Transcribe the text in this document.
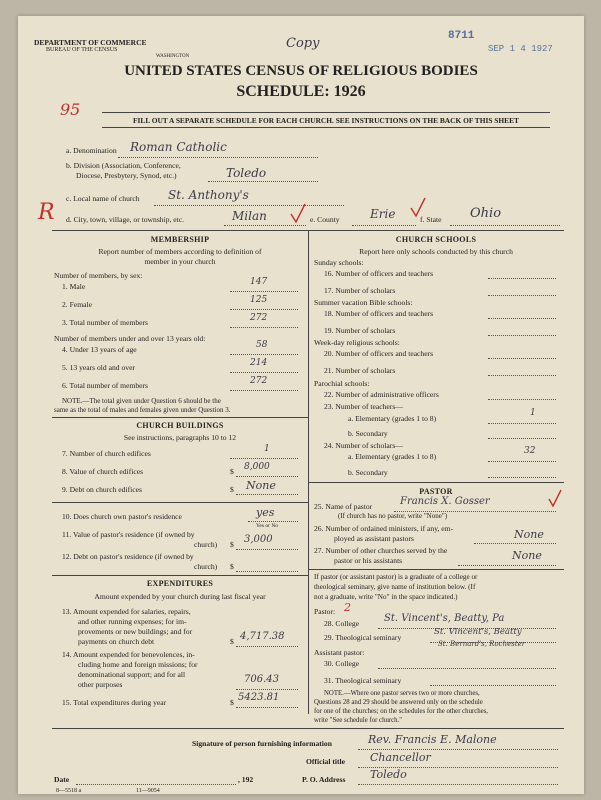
DEPARTMENT OF COMMERCE
BUREAU OF THE CENSUS
WASHINGTON
Copy	8711
SEP 1 4 1927
UNITED STATES CENSUS OF RELIGIOUS BODIES
SCHEDULE: 1926
95
FILL OUT A SEPARATE SCHEDULE FOR EACH CHURCH. SEE INSTRUCTIONS ON THE BACK OF THIS SHEET
a. Denomination Roman Catholic
b. Division (Association, Conference,
Diocese, Presbytery, Synod, etc.)	Toledo
c. Local name of church St. Anthony's
R d. City, town, village, or township, etc.	Milan	e. County	Erie	f. State Ohio
MEMBERSHIP
Report number of members according to definition of
member in your church
Number of members, by sex:
1. Male	147
2. Female	125
3. Total number of members	272
Number of members under and over 13 years old:
4. Under 13 years of age	58
5. 13 years old and over	214
6. Total number of members	272
NOTE.—The total given under Question 6 should be the
same as the total of males and females given under Question 3.
CHURCH BUILDINGS
See instructions, paragraphs 10 to 12
7. Number of church edifices	1
8. Value of church edifices	$ 8,000
9. Debt on church edifices	$ None
10. Does church own pastor's residence	yes
Yes or No
11. Value of pastor's residence (if owned by
church) $ 3,000
12. Debt on pastor's residence (if owned by
church) $
EXPENDITURES
Amount expended by your church during last fiscal year
13. Amount expended for salaries, repairs,
and other running expenses; for im-
provements or new buildings; and for
payments on church debt	$ 4,717.38
14. Amount expended for benevolences, in-
cluding home and foreign missions; for
denominational support; and for all
other purposes	706.43
15. Total expenditures during year	$ 5423.81
CHURCH SCHOOLS
Report here only schools conducted by this church
Sunday schools:
16. Number of officers and teachers
17. Number of scholars
Summer vacation Bible schools:
18. Number of officers and teachers
19. Number of scholars
Week-day religious schools:
20. Number of officers and teachers
21. Number of scholars
Parochial schools:
22. Number of administrative officers
23. Number of teachers—
a. Elementary (grades 1 to 8)
1
b. Secondary
24. Number of scholars—
a. Elementary (grades 1 to 8)
32
b. Secondary
PASTOR
25. Name of pastor	Francis X. Gosser
(If church has no pastor, write "None")
26. Number of ordained ministers, if any, em-
ployed as assistant pastors	None
27. Number of other churches served by the
pastor or his assistants	None
If pastor (or assistant pastor) is a graduate of a college or
theological seminary, give name of institution below. (If
not a graduate, write "No" in the space indicated.)
Pastor: 2
28. College St. Vincent's, Beatty, Pa
29. Theological seminary
St. Vincent's, Beatty
St. Bernard's, Rochester
Assistant pastor:
30. College
31. Theological seminary
NOTE.—Where one pastor serves two or more churches,
Questions 28 and 29 should be answered only on the schedule
for one of the churches; on the schedules for the other churches,
write "See schedule for church."
Signature of person furnishing information	Rev. Francis E. Malone
Official title Chancellor
Date	, 192	P. O. Address Toledo
8—5518 a	11—9054
